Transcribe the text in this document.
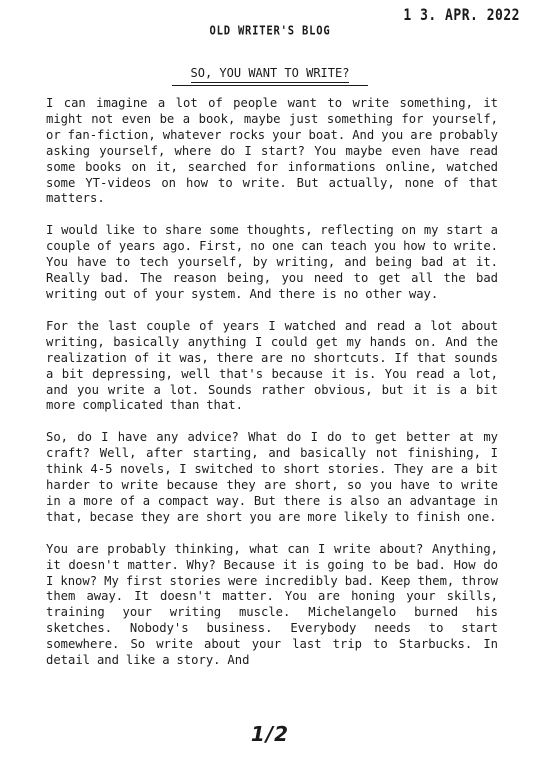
1 3. APR. 2022
OLD WRITER'S BLOG
SO, YOU WANT TO WRITE?

I can imagine a lot of people want to write something, it might not even be a book, maybe just something for yourself, or fan-fiction, whatever rocks your boat. And you are probably asking yourself, where do I start? You maybe even have read some books on it, searched for informations online, watched some YT-videos on how to write. But actually, none of that matters.

I would like to share some thoughts, reflecting on my start a couple of years ago. First, no one can teach you how to write. You have to tech yourself, by writing, and being bad at it. Really bad. The reason being, you need to get all the bad writing out of your system. And there is no other way.

For the last couple of years I watched and read a lot about writing, basically anything I could get my hands on. And the realization of it was, there are no shortcuts. If that sounds a bit depressing, well that's because it is. You read a lot, and you write a lot. Sounds rather obvious, but it is a bit more complicated than that.

So, do I have any advice? What do I do to get better at my craft? Well, after starting, and basically not finishing, I think 4-5 novels, I switched to short stories. They are a bit harder to write because they are short, so you have to write in a more of a compact way. But there is also an advantage in that, becase they are short you are more likely to finish one.

You are probably thinking, what can I write about? Anything, it doesn't matter. Why? Because it is going to be bad. How do I know? My first stories were incredibly bad. Keep them, throw them away. It doesn't matter. You are honing your skills, training your writing muscle. Michelangelo burned his sketches. Nobody's business. Everybody needs to start somewhere. So write about your last trip to Starbucks. In detail and like a story. And

1/2
